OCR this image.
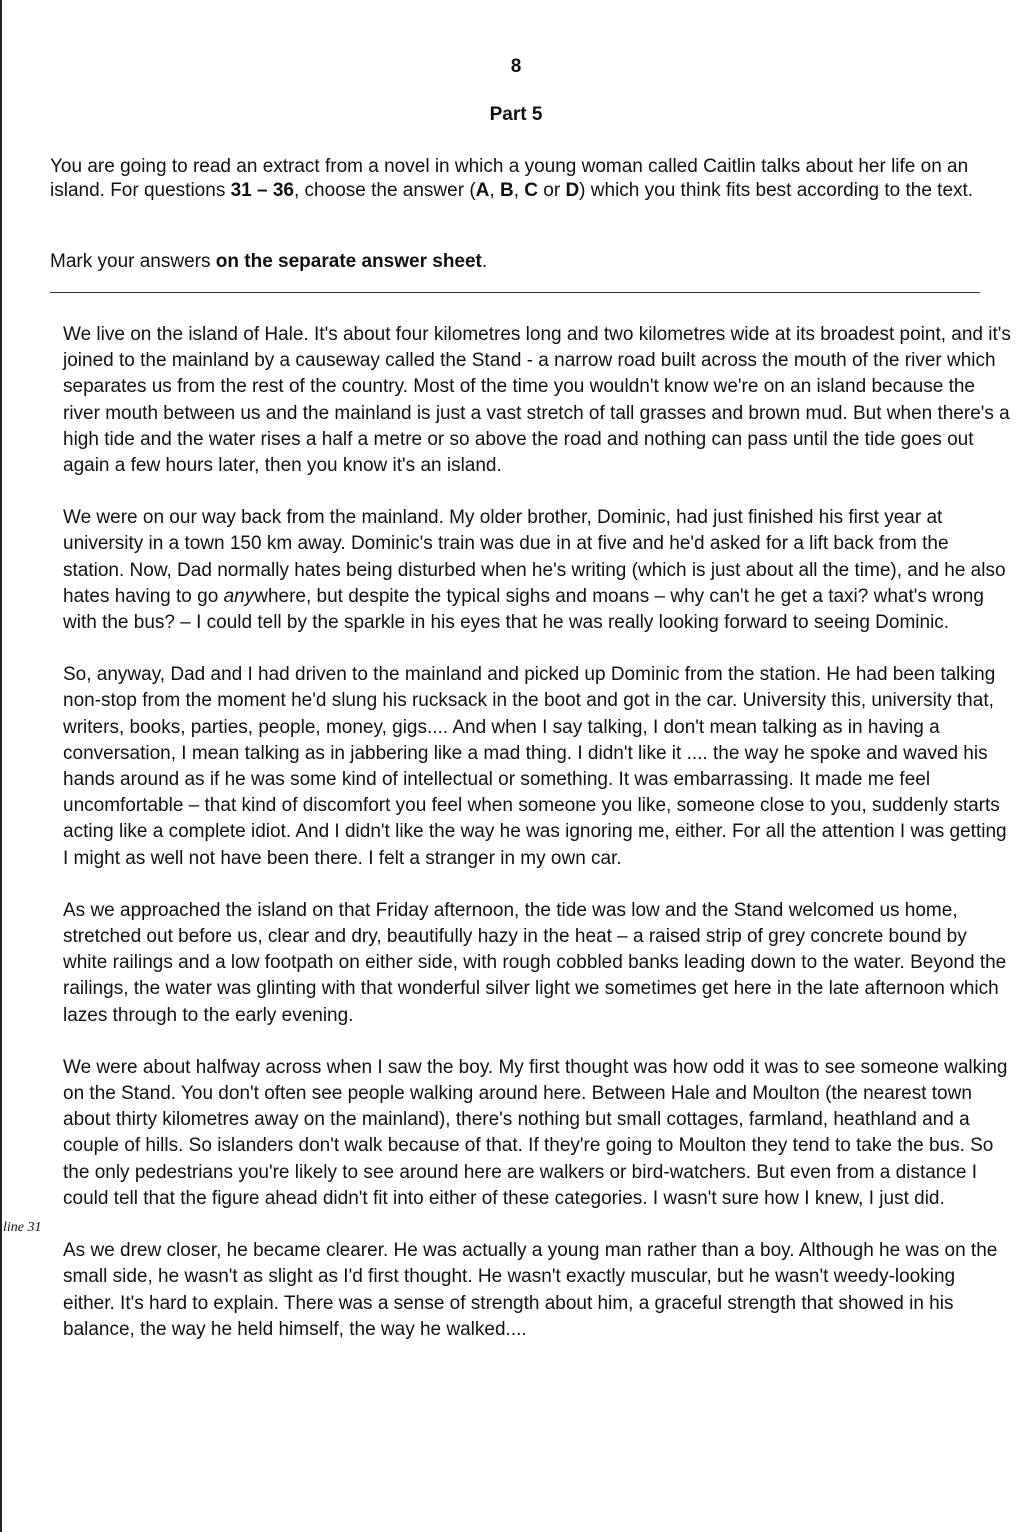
8
Part 5
You are going to read an extract from a novel in which a young woman called Caitlin talks about her life on an island. For questions 31 – 36, choose the answer (A, B, C or D) which you think fits best according to the text.
Mark your answers on the separate answer sheet.

We live on the island of Hale. It's about four kilometres long and two kilometres wide at its broadest point, and it's joined to the mainland by a causeway called the Stand - a narrow road built across the mouth of the river which separates us from the rest of the country. Most of the time you wouldn't know we're on an island because the river mouth between us and the mainland is just a vast stretch of tall grasses and brown mud. But when there's a high tide and the water rises a half a metre or so above the road and nothing can pass until the tide goes out again a few hours later, then you know it's an island.

We were on our way back from the mainland. My older brother, Dominic, had just finished his first year at university in a town 150 km away. Dominic's train was due in at five and he'd asked for a lift back from the station. Now, Dad normally hates being disturbed when he's writing (which is just about all the time), and he also hates having to go anywhere, but despite the typical sighs and moans – why can't he get a taxi? what's wrong with the bus? – I could tell by the sparkle in his eyes that he was really looking forward to seeing Dominic.

So, anyway, Dad and I had driven to the mainland and picked up Dominic from the station. He had been talking non-stop from the moment he'd slung his rucksack in the boot and got in the car. University this, university that, writers, books, parties, people, money, gigs.... And when I say talking, I don't mean talking as in having a conversation, I mean talking as in jabbering like a mad thing. I didn't like it .... the way he spoke and waved his hands around as if he was some kind of intellectual or something. It was embarrassing. It made me feel uncomfortable – that kind of discomfort you feel when someone you like, someone close to you, suddenly starts acting like a complete idiot. And I didn't like the way he was ignoring me, either. For all the attention I was getting I might as well not have been there. I felt a stranger in my own car.

As we approached the island on that Friday afternoon, the tide was low and the Stand welcomed us home, stretched out before us, clear and dry, beautifully hazy in the heat – a raised strip of grey concrete bound by white railings and a low footpath on either side, with rough cobbled banks leading down to the water. Beyond the railings, the water was glinting with that wonderful silver light we sometimes get here in the late afternoon which lazes through to the early evening.

We were about halfway across when I saw the boy. My first thought was how odd it was to see someone walking on the Stand. You don't often see people walking around here. Between Hale and Moulton (the nearest town about thirty kilometres away on the mainland), there's nothing but small cottages, farmland, heathland and a couple of hills. So islanders don't walk because of that. If they're going to Moulton they tend to take the bus. So the only pedestrians you're likely to see around here are walkers or bird-watchers. But even from a distance I could tell that the figure ahead didn't fit into either of these categories. I wasn't sure how I knew, I just did.

As we drew closer, he became clearer. He was actually a young man rather than a boy. Although he was on the small side, he wasn't as slight as I'd first thought. He wasn't exactly muscular, but he wasn't weedy-looking either. It's hard to explain. There was a sense of strength about him, a graceful strength that showed in his balance, the way he held himself, the way he walked....

line 31
